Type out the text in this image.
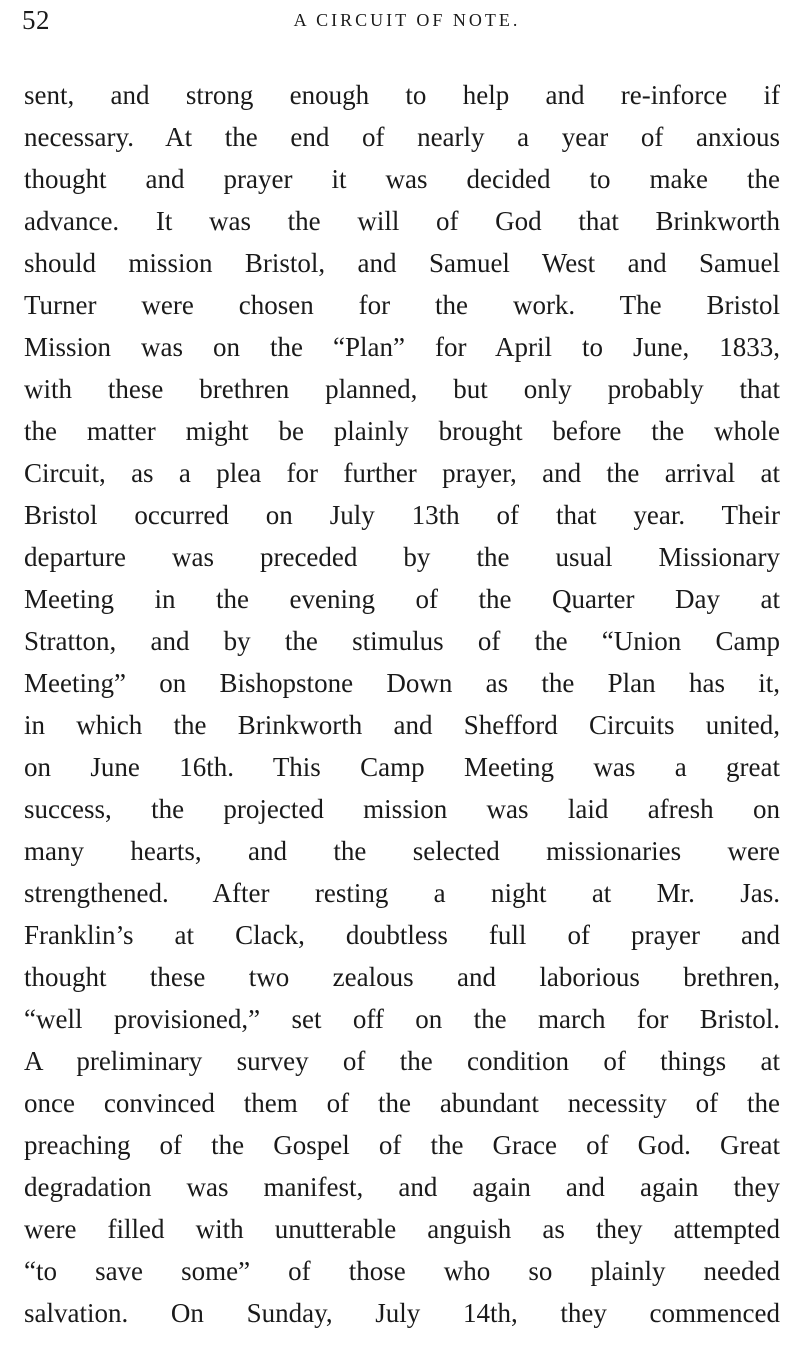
52	A CIRCUIT OF NOTE.
sent, and strong enough to help and re-inforce if
necessary. At the end of nearly a year of anxious
thought and prayer it was decided to make the
advance. It was the will of God that Brinkworth
should mission Bristol, and Samuel West and Samuel
Turner were chosen for the work. The Bristol
Mission was on the “Plan” for April to June, 1833,
with these brethren planned, but only probably that
the matter might be plainly brought before the whole
Circuit, as a plea for further prayer, and the arrival at
Bristol occurred on July 13th of that year. Their
departure was preceded by the usual Missionary
Meeting in the evening of the Quarter Day at
Stratton, and by the stimulus of the “Union Camp
Meeting” on Bishopstone Down as the Plan has it,
in which the Brinkworth and Shefford Circuits united,
on June 16th. This Camp Meeting was a great
success, the projected mission was laid afresh on
many hearts, and the selected missionaries were
strengthened. After resting a night at Mr. Jas.
Franklin’s at Clack, doubtless full of prayer and
thought these two zealous and laborious brethren,
“well provisioned,” set off on the march for Bristol.
A preliminary survey of the condition of things at
once convinced them of the abundant necessity of the
preaching of the Gospel of the Grace of God. Great
degradation was manifest, and again and again they
were filled with unutterable anguish as they attempted
“to save some” of those who so plainly needed
salvation. On Sunday, July 14th, they commenced
